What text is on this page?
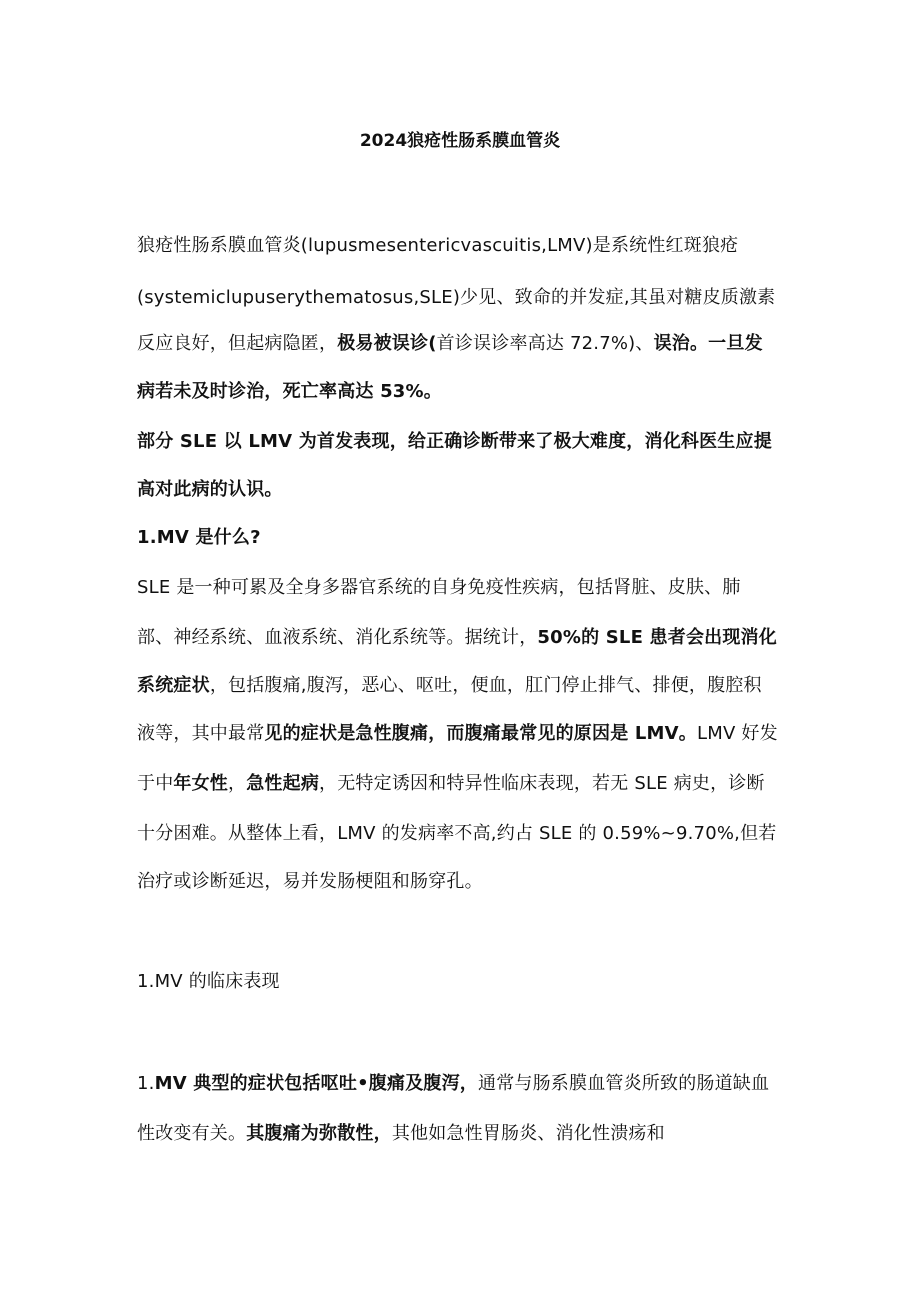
2024狼疮性肠系膜血管炎
狼疮性肠系膜血管炎(lupusmesentericvascuitis,LMV)是系统性红斑狼疮
(systemiclupuserythematosus,SLE)少见、致命的并发症,其虽对糖皮质激素
反应良好，但起病隐匿，极易被误诊(首诊误诊率高达 72.7%)、误治。一旦发
病若未及时诊治，死亡率高达 53%。
部分 SLE 以 LMV 为首发表现，给正确诊断带来了极大难度，消化科医生应提
高对此病的认识。
1.MV 是什么?
SLE 是一种可累及全身多器官系统的自身免疫性疾病，包括肾脏、皮肤、肺
部、神经系统、血液系统、消化系统等。据统计，50%的 SLE 患者会出现消化
系统症状，包括腹痛,腹泻，恶心、呕吐，便血，肛门停止排气、排便，腹腔积
液等，其中最常见的症状是急性腹痛，而腹痛最常见的原因是 LMV。LMV 好发
于中年女性，急性起病，无特定诱因和特异性临床表现，若无 SLE 病史，诊断
十分困难。从整体上看，LMV 的发病率不高,约占 SLE 的 0.59%~9.70%,但若
治疗或诊断延迟，易并发肠梗阻和肠穿孔。
1.MV 的临床表现
1.MV 典型的症状包括呕吐•腹痛及腹泻，通常与肠系膜血管炎所致的肠道缺血
性改变有关。其腹痛为弥散性，其他如急性胃肠炎、消化性溃疡和
